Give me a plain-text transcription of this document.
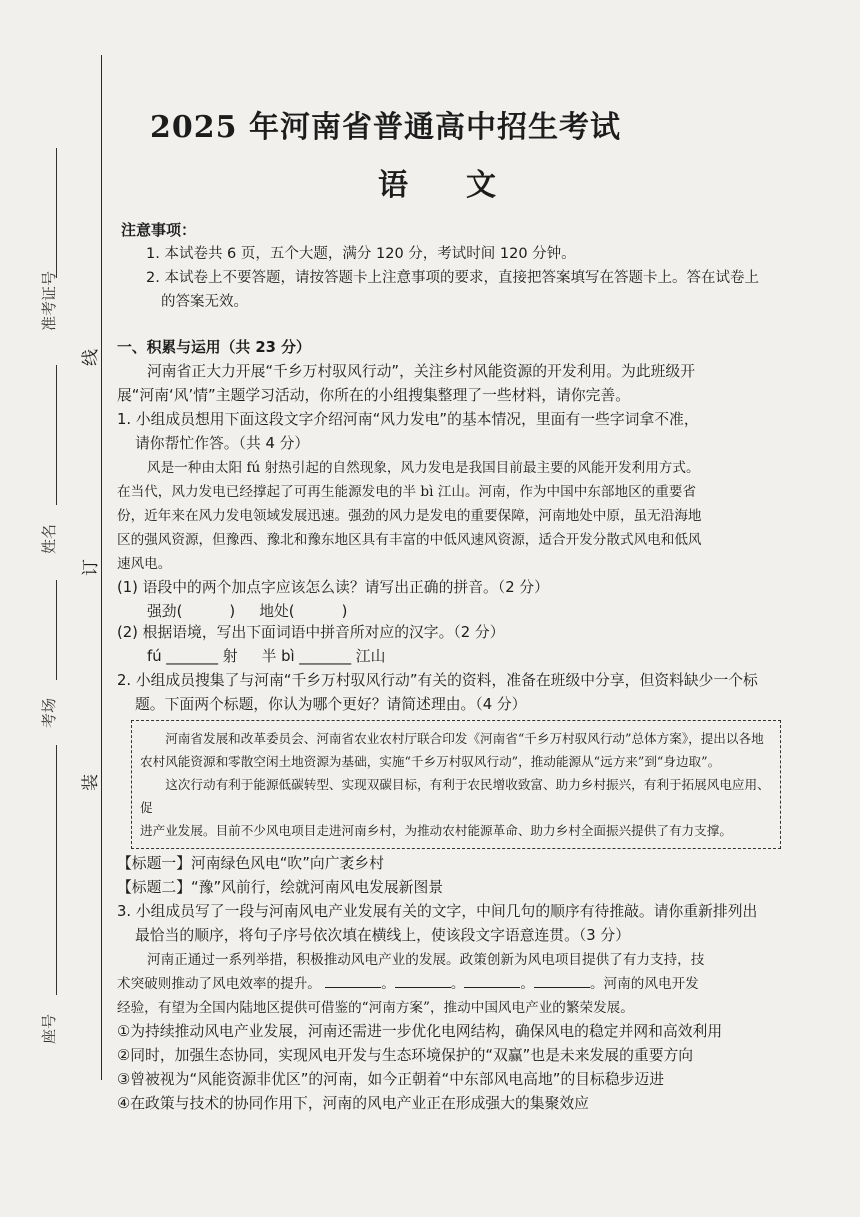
准考证号
姓名
考场
座号
线
订
装
2025 年河南省普通高中招生考试
语文

注意事项：

1. 本试卷共 6 页，五个大题，满分 120 分，考试时间 120 分钟。

2. 本试卷上不要答题，请按答题卡上注意事项的要求，直接把答案填写在答题卡上。答在试卷上

的答案无效。

一、积累与运用（共 23 分）

河南省正大力开展“千乡万村驭风行动”，关注乡村风能资源的开发利用。为此班级开

展“河南‘风’情”主题学习活动，你所在的小组搜集整理了一些材料，请你完善。

1. 小组成员想用下面这段文字介绍河南“风力发电”的基本情况，里面有一些字词拿不准，

请你帮忙作答。（共 4 分）

风是一种由太阳 fú 射热引起的自然现象，风力发电是我国目前最主要的风能开发利用方式。

在当代，风力发电已经撑起了可再生能源发电的半 bì 江山。河南，作为中国中东部地区的重要省

份，近年来在风力发电领域发展迅速。强劲的风力是发电的重要保障，河南地处中原，虽无沿海地

区的强风资源，但豫西、豫北和豫东地区具有丰富的中低风速风资源，适合开发分散式风电和低风

速风电。

(1) 语段中的两个加点字应该怎么读？请写出正确的拼音。（2 分）

强劲(          ) 地处(          )

(2) 根据语境，写出下面词语中拼音所对应的汉字。（2 分）

fú _______ 射 半 bì _______ 江山

2. 小组成员搜集了与河南“千乡万村驭风行动”有关的资料，准备在班级中分享，但资料缺少一个标

题。下面两个标题，你认为哪个更好？请简述理由。（4 分）

河南省发展和改革委员会、河南省农业农村厅联合印发《河南省“千乡万村驭风行动”总体方案》，提出以各地

农村风能资源和零散空闲土地资源为基础，实施“千乡万村驭风行动”，推动能源从“远方来”到“身边取”。

这次行动有利于能源低碳转型、实现双碳目标，有利于农民增收致富、助力乡村振兴，有利于拓展风电应用、促

进产业发展。目前不少风电项目走进河南乡村，为推动农村能源革命、助力乡村全面振兴提供了有力支撑。

【标题一】河南绿色风电“吹”向广袤乡村

【标题二】“豫”风前行，绘就河南风电发展新图景

3. 小组成员写了一段与河南风电产业发展有关的文字，中间几句的顺序有待推敲。请你重新排列出

最恰当的顺序，将句子序号依次填在横线上，使该段文字语意连贯。（3 分）

河南正通过一系列举措，积极推动风电产业的发展。政策创新为风电项目提供了有力支持，技

术突破则推动了风电效率的提升。	。	。	。	。河南的风电开发

经验，有望为全国内陆地区提供可借鉴的“河南方案”，推动中国风电产业的繁荣发展。

①为持续推动风电产业发展，河南还需进一步优化电网结构，确保风电的稳定并网和高效利用

②同时，加强生态协同，实现风电开发与生态环境保护的“双赢”也是未来发展的重要方向

③曾被视为“风能资源非优区”的河南，如今正朝着“中东部风电高地”的目标稳步迈进

④在政策与技术的协同作用下，河南的风电产业正在形成强大的集聚效应
